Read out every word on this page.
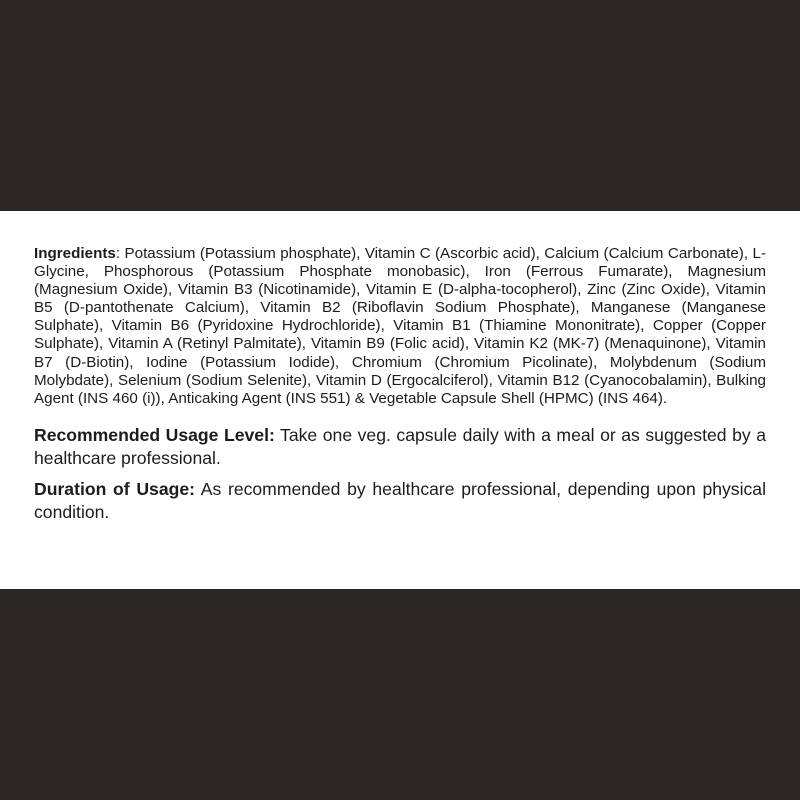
Ingredients: Potassium (Potassium phosphate), Vitamin C (Ascorbic acid), Calcium (Calcium Carbonate), L-Glycine, Phosphorous (Potassium Phosphate monobasic), Iron (Ferrous Fumarate), Magnesium (Magnesium Oxide), Vitamin B3 (Nicotinamide), Vitamin E (D-alpha-tocopherol), Zinc (Zinc Oxide), Vitamin B5 (D-pantothenate Calcium), Vitamin B2 (Riboflavin Sodium Phosphate), Manganese (Manganese Sulphate), Vitamin B6 (Pyridoxine Hydrochloride), Vitamin B1 (Thiamine Mononitrate), Copper (Copper Sulphate), Vitamin A (Retinyl Palmitate), Vitamin B9 (Folic acid), Vitamin K2 (MK-7) (Menaquinone), Vitamin B7 (D-Biotin), Iodine (Potassium Iodide), Chromium (Chromium Picolinate), Molybdenum (Sodium Molybdate), Selenium (Sodium Selenite), Vitamin D (Ergocalciferol), Vitamin B12 (Cyanocobalamin), Bulking Agent (INS 460 (i)), Anticaking Agent (INS 551) & Vegetable Capsule Shell (HPMC) (INS 464).

Recommended Usage Level: Take one veg. capsule daily with a meal or as suggested by a healthcare professional.

Duration of Usage: As recommended by healthcare professional, depending upon physical condition.
